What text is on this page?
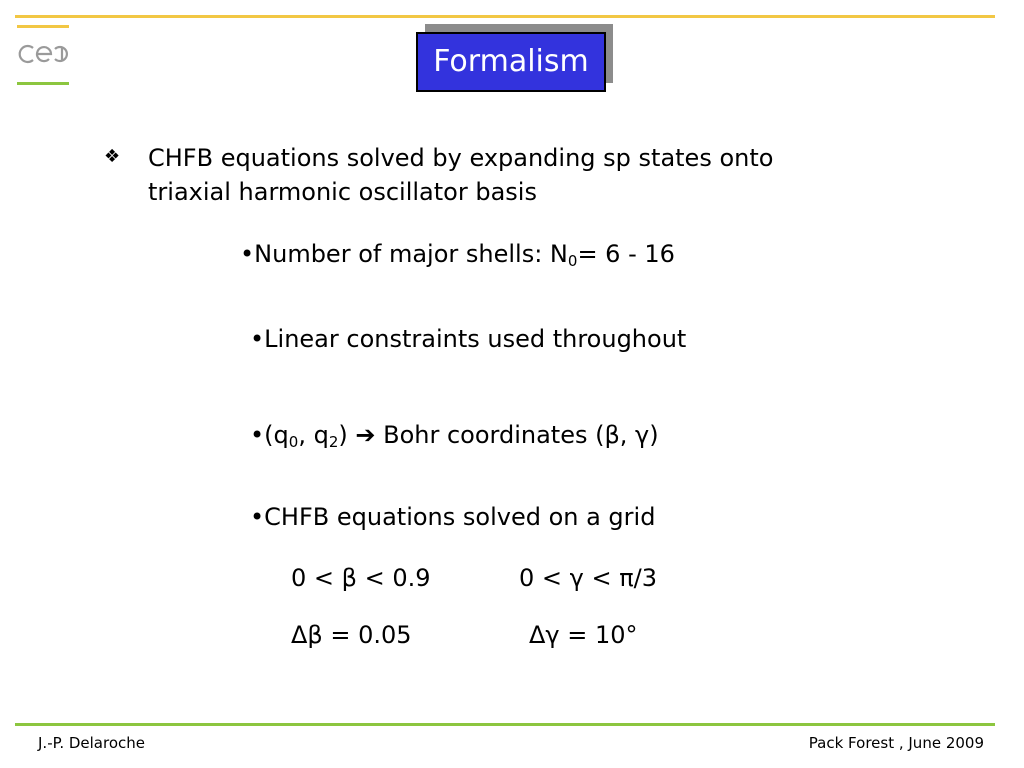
Formalism
❖ CHFB equations solved by expanding sp states onto
triaxial harmonic oscillator basis
•Number of major shells: $N_0= 6 - 16$
•Linear constraints used throughout
$•(q_0$, $q_2$) ➔ Bohr coordinates (β, γ)
•CHFB equations solved on a grid
0 < β < 0.9	0 < γ < π/3
Δβ = 0.05	Δγ = 10°
J.-P. Delaroche	Pack Forest , June 2009
